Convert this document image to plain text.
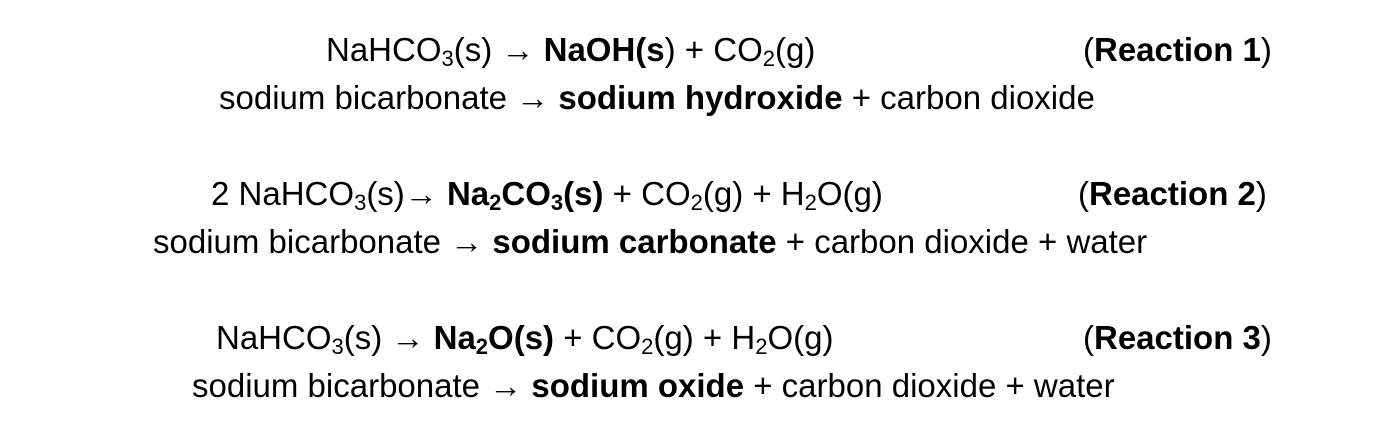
NaHCO$_3$(s) → NaOH(s) + $CO_2(g)$	(Reaction 1)
sodium bicarbonate → sodium hydroxide + carbon dioxide
2 NaHCO$_3$(s)→ $Na_2CO_3(s) + CO_2(g) + H_2O(g)$	(Reaction 2)
sodium bicarbonate → sodium carbonate + carbon dioxide + water
NaHCO$_3$(s) → $Na_2O(s) + CO_2(g) + H_2O(g)$	(Reaction 3)
sodium bicarbonate → sodium oxide + carbon dioxide + water
